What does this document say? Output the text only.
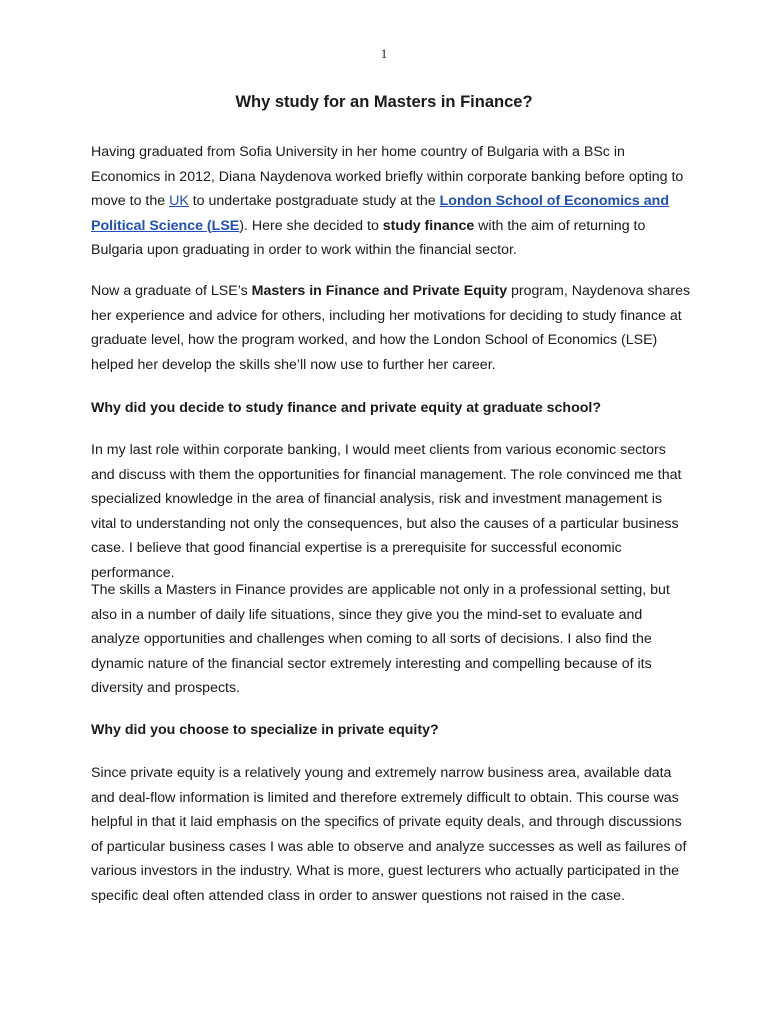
1
Why study for an Masters in Finance?

Having graduated from Sofia University in her home country of Bulgaria with a BSc in Economics in 2012, Diana Naydenova worked briefly within corporate banking before opting to move to the UK to undertake postgraduate study at the London School of Economics and Political Science (LSE). Here she decided to study finance with the aim of returning to Bulgaria upon graduating in order to work within the financial sector.

Now a graduate of LSE’s Masters in Finance and Private Equity program, Naydenova shares her experience and advice for others, including her motivations for deciding to study finance at graduate level, how the program worked, and how the London School of Economics (LSE) helped her develop the skills she’ll now use to further her career.

Why did you decide to study finance and private equity at graduate school?

In my last role within corporate banking, I would meet clients from various economic sectors and discuss with them the opportunities for financial management. The role convinced me that specialized knowledge in the area of financial analysis, risk and investment management is vital to understanding not only the consequences, but also the causes of a particular business case. I believe that good financial expertise is a prerequisite for successful economic performance.

The skills a Masters in Finance provides are applicable not only in a professional setting, but also in a number of daily life situations, since they give you the mind-set to evaluate and analyze opportunities and challenges when coming to all sorts of decisions. I also find the dynamic nature of the financial sector extremely interesting and compelling because of its diversity and prospects.

Why did you choose to specialize in private equity?

Since private equity is a relatively young and extremely narrow business area, available data and deal-flow information is limited and therefore extremely difficult to obtain. This course was helpful in that it laid emphasis on the specifics of private equity deals, and through discussions of particular business cases I was able to observe and analyze successes as well as failures of various investors in the industry. What is more, guest lecturers who actually participated in the specific deal often attended class in order to answer questions not raised in the case.
